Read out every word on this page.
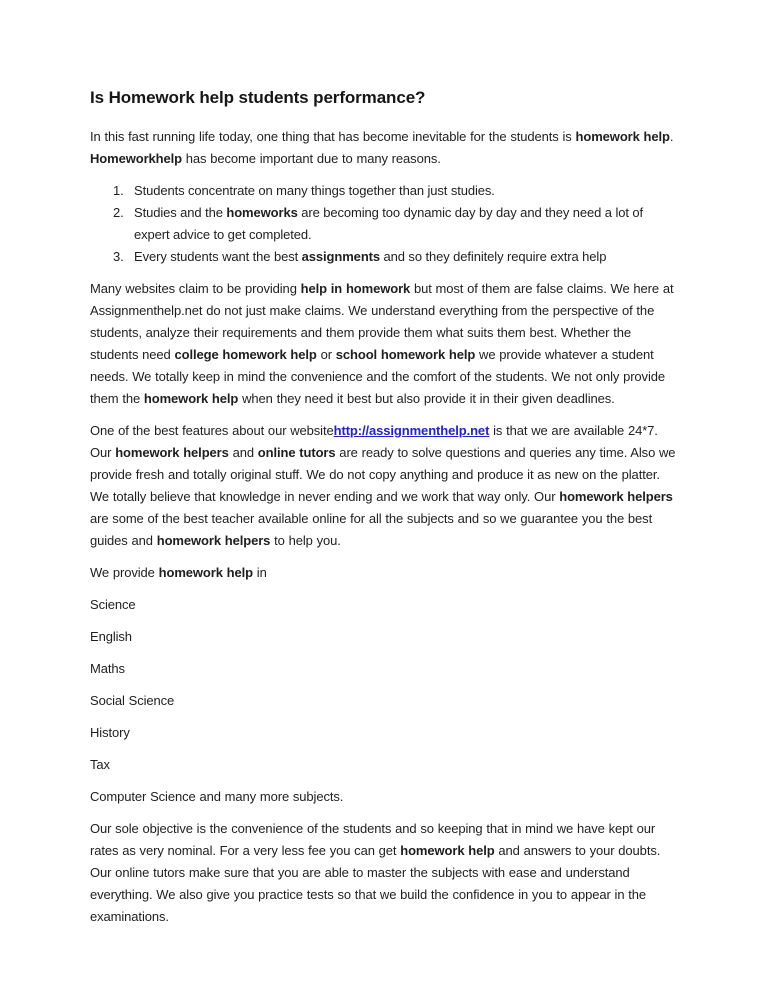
Is Homework help students performance?

In this fast running life today, one thing that has become inevitable for the students is homework help. Homeworkhelp has become important due to many reasons.

1. Students concentrate on many things together than just studies.
2. Studies and the homeworks are becoming too dynamic day by day and they need a lot of expert advice to get completed.
3. Every students want the best assignments and so they definitely require extra help

Many websites claim to be providing help in homework but most of them are false claims. We here at Assignmenthelp.net do not just make claims. We understand everything from the perspective of the students, analyze their requirements and them provide them what suits them best. Whether the students need college homework help or school homework help we provide whatever a student needs. We totally keep in mind the convenience and the comfort of the students. We not only provide them the homework help when they need it best but also provide it in their given deadlines.

One of the best features about our websitehttp://assignmenthelp.net is that we are available 24*7. Our homework helpers and online tutors are ready to solve questions and queries any time. Also we provide fresh and totally original stuff. We do not copy anything and produce it as new on the platter. We totally believe that knowledge in never ending and we work that way only. Our homework helpers are some of the best teacher available online for all the subjects and so we guarantee you the best guides and homework helpers to help you.

We provide homework help in

Science

English

Maths

Social Science

History

Tax

Computer Science and many more subjects.

Our sole objective is the convenience of the students and so keeping that in mind we have kept our rates as very nominal. For a very less fee you can get homework help and answers to your doubts. Our online tutors make sure that you are able to master the subjects with ease and understand everything. We also give you practice tests so that we build the confidence in you to appear in the examinations.
